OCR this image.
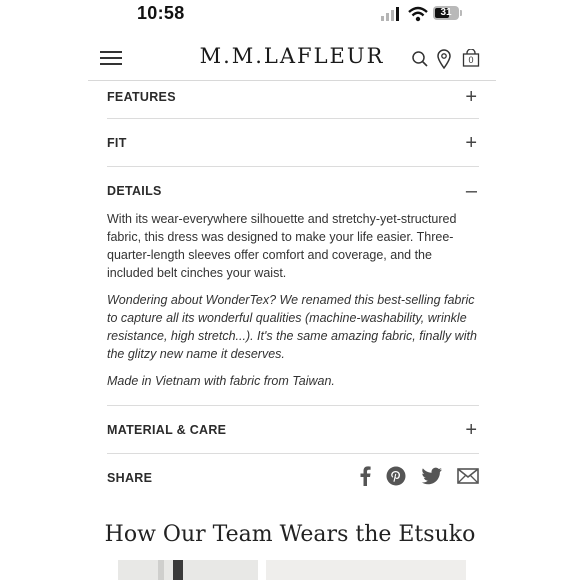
10:58	31
M.M.LAFLEUR	0
FEATURES	+
FIT	+
DETAILS	–

With its wear-everywhere silhouette and stretchy-yet-structured fabric, this dress was designed to make your life easier. Three-quarter-length sleeves offer comfort and coverage, and the included belt cinches your waist.

Wondering about WonderTex? We renamed this best-selling fabric to capture all its wonderful qualities (machine-washability, wrinkle resistance, high stretch...). It's the same amazing fabric, finally with the glitzy new name it deserves.

Made in Vietnam with fabric from Taiwan.

MATERIAL & CARE	+
SHARE

How Our Team Wears the Etsuko
